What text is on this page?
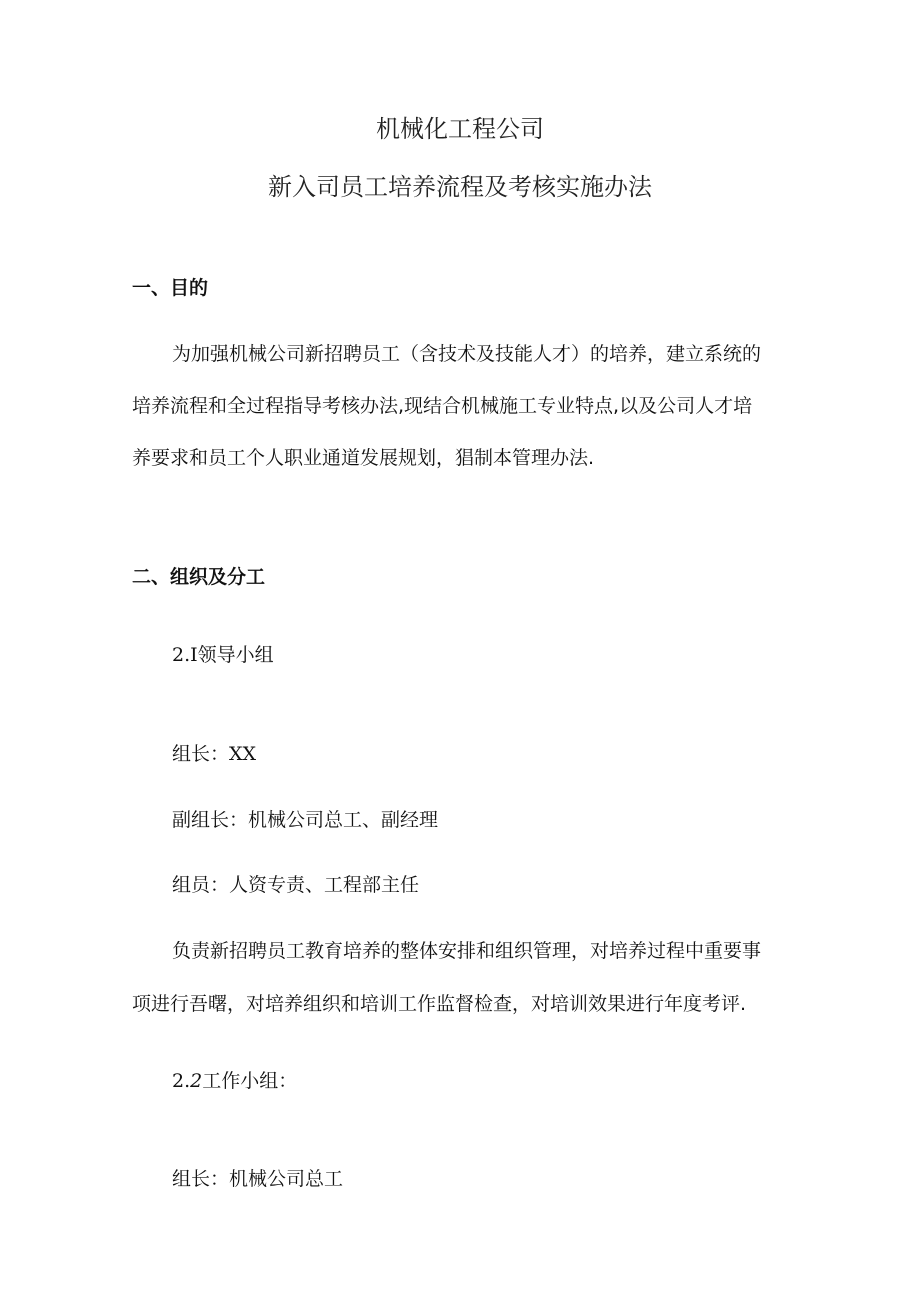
机械化工程公司
新入司员工培养流程及考核实施办法
一、目的

为加强机械公司新招聘员工（含技术及技能人才）的培养，建立系统的

培养流程和全过程指导考核办法,现结合机械施工专业特点,以及公司人才培

养要求和员工个人职业通道发展规划，猖制本管理办法.

二、组织及分工

2.I领导小组

组长：XX

副组长：机械公司总工、副经理

组员：人资专责、工程部主任

负责新招聘员工教育培养的整体安排和组织管理，对培养过程中重要事

项进行吾曙，对培养组织和培训工作监督检查，对培训效果进行年度考评.

2.2工作小组：

组长：机械公司总工
